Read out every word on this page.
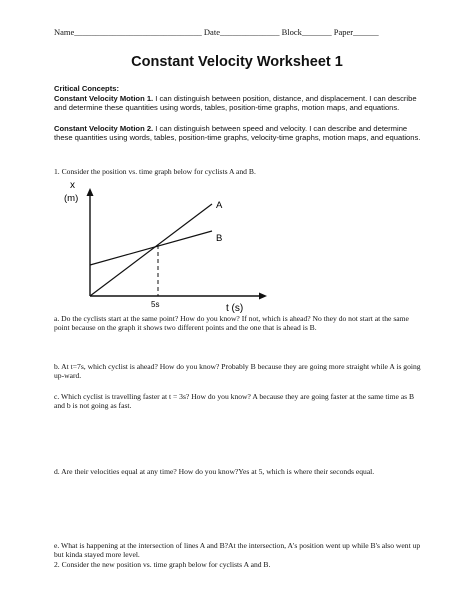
Name______________________________ Date______________ Block_______ Paper______
Constant Velocity Worksheet 1
Critical Concepts:
Constant Velocity Motion 1. I can distinguish between position, distance, and displacement. I can describe and determine these quantities using words, tables, position-time graphs, motion maps, and equations.
Constant Velocity Motion 2. I can distinguish between speed and velocity. I can describe and determine these quantities using words, tables, position-time graphs, velocity-time graphs, motion maps, and equations.
1. Consider the position vs. time graph below for cyclists A and B.
x
(m)
t (s)
5s
A
B
a. Do the cyclists start at the same point? How do you know? If not, which is ahead? No they do not start at the same point because on the graph it shows two different points and the one that is ahead is B.
b. At t=7s, which cyclist is ahead? How do you know? Probably B because they are going more straight while A is going up-ward.
c. Which cyclist is travelling faster at t = 3s? How do you know? A because they are going faster at the same time as B and b is not going as fast.
d. Are their velocities equal at any time? How do you know?Yes at 5, which is where their seconds equal.
e. What is happening at the intersection of lines A and B?At the intersection, A's position went up while B's also went up but kinda stayed more level.
2. Consider the new position vs. time graph below for cyclists A and B.
